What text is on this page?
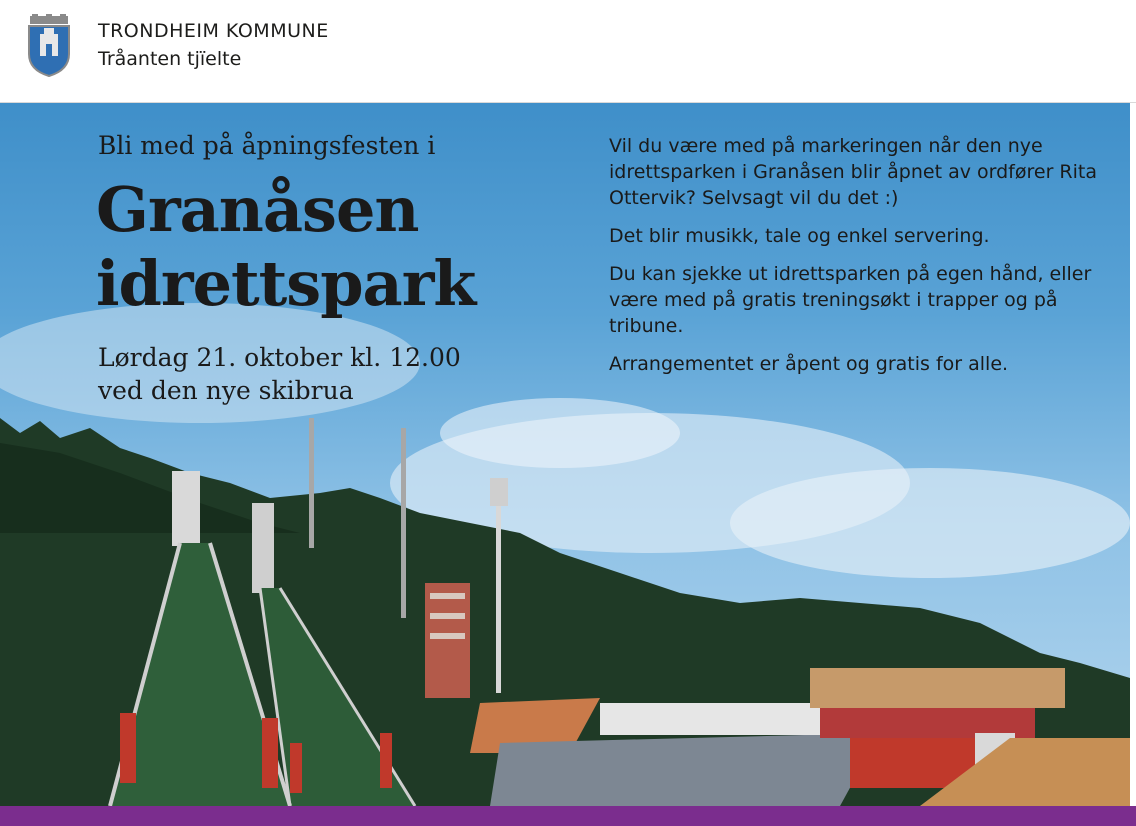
TRONDHEIM KOMMUNE
Tråanten tjïelte
Bli med på åpningsfesten i
Granåsen
idrettspark
Lørdag 21. oktober kl. 12.00
ved den nye skibrua

Vil du være med på markeringen når den nye idrettsparken i Granåsen blir åpnet av ordfører Rita Ottervik? Selvsagt vil du det :)

Det blir musikk, tale og enkel servering.

Du kan sjekke ut idrettsparken på egen hånd, eller være med på gratis treningsøkt i trapper og på tribune.

Arrangementet er åpent og gratis for alle.
